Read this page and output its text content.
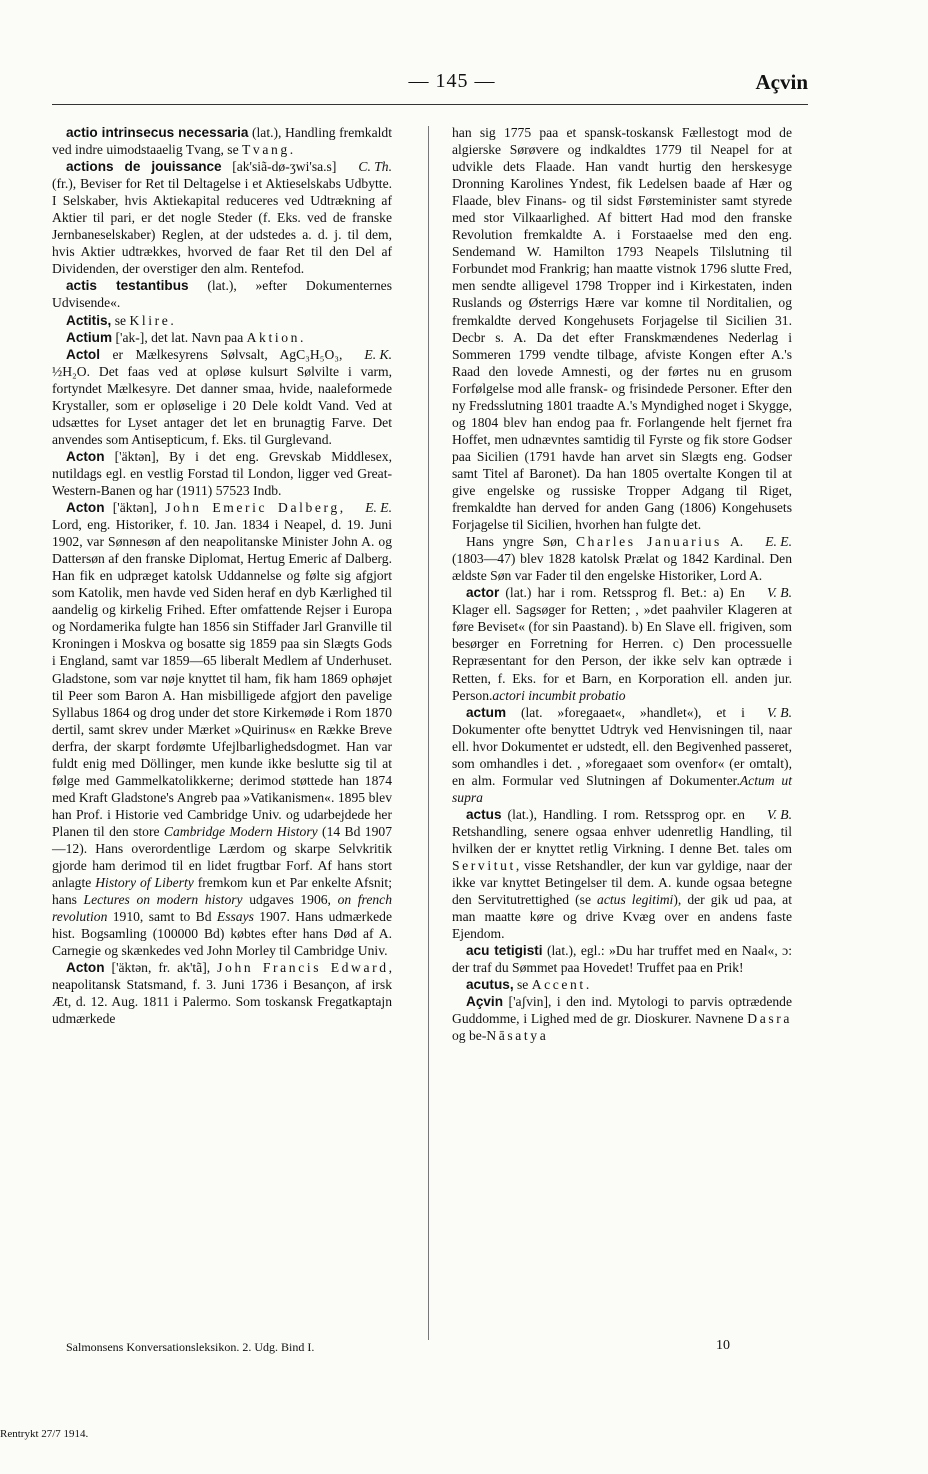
— 145 —	Açvin

actio intrinsecus necessaria (lat.), Handling fremkaldt ved indre uimodstaaelig Tvang, se Tvang.

C. Th.
actions de jouissance [ak'siã-dø-ʒwi'sa.s] (fr.), Beviser for Ret til Deltagelse i et Aktieselskabs Udbytte. I Selskaber, hvis Aktiekapital reduceres ved Udtrækning af Aktier til pari, er det nogle Steder (f. Eks. ved de franske Jernbaneselskaber) Reglen, at der udstedes a. d. j. til dem, hvis Aktier udtrækkes, hvorved de faar Ret til den Del af Dividenden, der overstiger den alm. Rentefod.

actis testantibus (lat.), »efter Dokumenternes Udvisende«.

Actitis, se Klire.

Actium ['ak-], det lat. Navn paa Aktion.

E. K.
Actol er Mælkesyrens Sølvsalt, AgC₃H₅O₃, ½H₂O. Det faas ved at opløse kulsurt Sølvilte i varm, fortyndet Mælkesyre. Det danner smaa, hvide, naaleformede Krystaller, som er opløselige i 20 Dele koldt Vand. Ved at udsættes for Lyset antager det let en brunagtig Farve. Det anvendes som Antisepticum, f. Eks. til Gurglevand.

Acton ['äktən], By i det eng. Grevskab Middlesex, nutildags egl. en vestlig Forstad til London, ligger ved Great-Western-Banen og har (1911) 57523 Indb.

E. E.
Acton ['äktən], John Emeric Dalberg, Lord, eng. Historiker, f. 10. Jan. 1834 i Neapel, d. 19. Juni 1902, var Sønnesøn af den neapolitanske Minister John A. og Dattersøn af den franske Diplomat, Hertug Emeric af Dalberg. Han fik en udpræget katolsk Uddannelse og følte sig afgjort som Katolik, men havde ved Siden heraf en dyb Kærlighed til aandelig og kirkelig Frihed. Efter omfattende Rejser i Europa og Nordamerika fulgte han 1856 sin Stiffader Jarl Granville til Kroningen i Moskva og bosatte sig 1859 paa sin Slægts Gods i England, samt var 1859—65 liberalt Medlem af Underhuset. Gladstone, som var nøje knyttet til ham, fik ham 1869 ophøjet til Peer som Baron A. Han misbilligede afgjort den pavelige Syllabus 1864 og drog under det store Kirkemøde i Rom 1870 dertil, samt skrev under Mærket »Quirinus« en Række Breve derfra, der skarpt fordømte Ufejlbarlighedsdogmet. Han var fuldt enig med Döllinger, men kunde ikke beslutte sig til at følge med Gammelkatolikkerne; derimod støttede han 1874 med Kraft Gladstone's Angreb paa »Vatikanismen«. 1895 blev han Prof. i Historie ved Cambridge Univ. og udarbejdede her Planen til den store Cambridge Modern History (14 Bd 1907—12). Hans overordentlige Lærdom og skarpe Selvkritik gjorde ham derimod til en lidet frugtbar Forf. Af hans stort anlagte History of Liberty fremkom kun et Par enkelte Afsnit; hans Lectures on modern history udgaves 1906, on french revolution 1910, samt to Bd Essays 1907. Hans udmærkede hist. Bogsamling (100000 Bd) købtes efter hans Død af A. Carnegie og skænkedes ved John Morley til Cambridge Univ.

Acton ['äktən, fr. ak'tã], John Francis Edward, neapolitansk Statsmand, f. 3. Juni 1736 i Besançon, af irsk Æt, d. 12. Aug. 1811 i Palermo. Som toskansk Fregatkaptajn udmærkede

han sig 1775 paa et spansk-toskansk Fællestogt mod de algierske Sørøvere og indkaldtes 1779 til Neapel for at udvikle dets Flaade. Han vandt hurtig den herskesyge Dronning Karolines Yndest, fik Ledelsen baade af Hær og Flaade, blev Finans- og til sidst Førsteminister samt styrede med stor Vilkaarlighed. Af bittert Had mod den franske Revolution fremkaldte A. i Forstaaelse med den eng. Sendemand W. Hamilton 1793 Neapels Tilslutning til Forbundet mod Frankrig; han maatte vistnok 1796 slutte Fred, men sendte alligevel 1798 Tropper ind i Kirkestaten, inden Ruslands og Østerrigs Hære var komne til Norditalien, og fremkaldte derved Kongehusets Forjagelse til Sicilien 31. Decbr s. A. Da det efter Franskmændenes Nederlag i Sommeren 1799 vendte tilbage, afviste Kongen efter A.'s Raad den lovede Amnesti, og der førtes nu en grusom Forfølgelse mod alle fransk- og frisindede Personer. Efter den ny Fredsslutning 1801 traadte A.'s Myndighed noget i Skygge, og 1804 blev han endog paa fr. Forlangende helt fjernet fra Hoffet, men udnævntes samtidig til Fyrste og fik store Godser paa Sicilien (1791 havde han arvet sin Slægts eng. Godser samt Titel af Baronet). Da han 1805 overtalte Kongen til at give engelske og russiske Tropper Adgang til Riget, fremkaldte han derved for anden Gang (1806) Kongehusets Forjagelse til Sicilien, hvorhen han fulgte det.

E. E.
Hans yngre Søn, Charles Januarius A. (1803—47) blev 1828 katolsk Prælat og 1842 Kardinal. Den ældste Søn var Fader til den engelske Historiker, Lord A.

V. B.
actor (lat.) har i rom. Retssprog fl. Bet.: a) En Klager ell. Sagsøger for Retten; , »det paahviler Klageren at føre Beviset« (for sin Paastand). b) En Slave ell. frigiven, som besørger en Forretning for Herren. c) Den processuelle Repræsentant for den Person, der ikke selv kan optræde i Retten, f. Eks. for et Barn, en Korporation ell. anden jur. Person.actori incumbit probatio

V. B.
actum (lat. »foregaaet«, »handlet«), et i Dokumenter ofte benyttet Udtryk ved Henvisningen til, naar ell. hvor Dokumentet er udstedt, ell. den Begivenhed passeret, som omhandles i det. , »foregaaet som ovenfor« (er omtalt), en alm. Formular ved Slutningen af Dokumenter.Actum ut supra

V. B.
actus (lat.), Handling. I rom. Retssprog opr. en Retshandling, senere ogsaa enhver udenretlig Handling, til hvilken der er knyttet retlig Virkning. I denne Bet. tales om Servitut, visse Retshandler, der kun var gyldige, naar der ikke var knyttet Betingelser til dem. A. kunde ogsaa betegne den Servitutrettighed (se actus legitimi), der gik ud paa, at man maatte køre og drive Kvæg over en andens faste Ejendom.

acu tetigisti (lat.), egl.: »Du har truffet med en Naal«, ɔ: der traf du Sømmet paa Hovedet! Truffet paa en Prik!

acutus, se Accent.

Açvin ['aʃvin], i den ind. Mytologi to parvis optrædende Guddomme, i Lighed med de gr. Dioskurer. Navnene Dasra og be-Nāsatya

Salmonsens Konversationsleksikon. 2. Udg. Bind I.	10
Rentrykt 27/7 1914.
